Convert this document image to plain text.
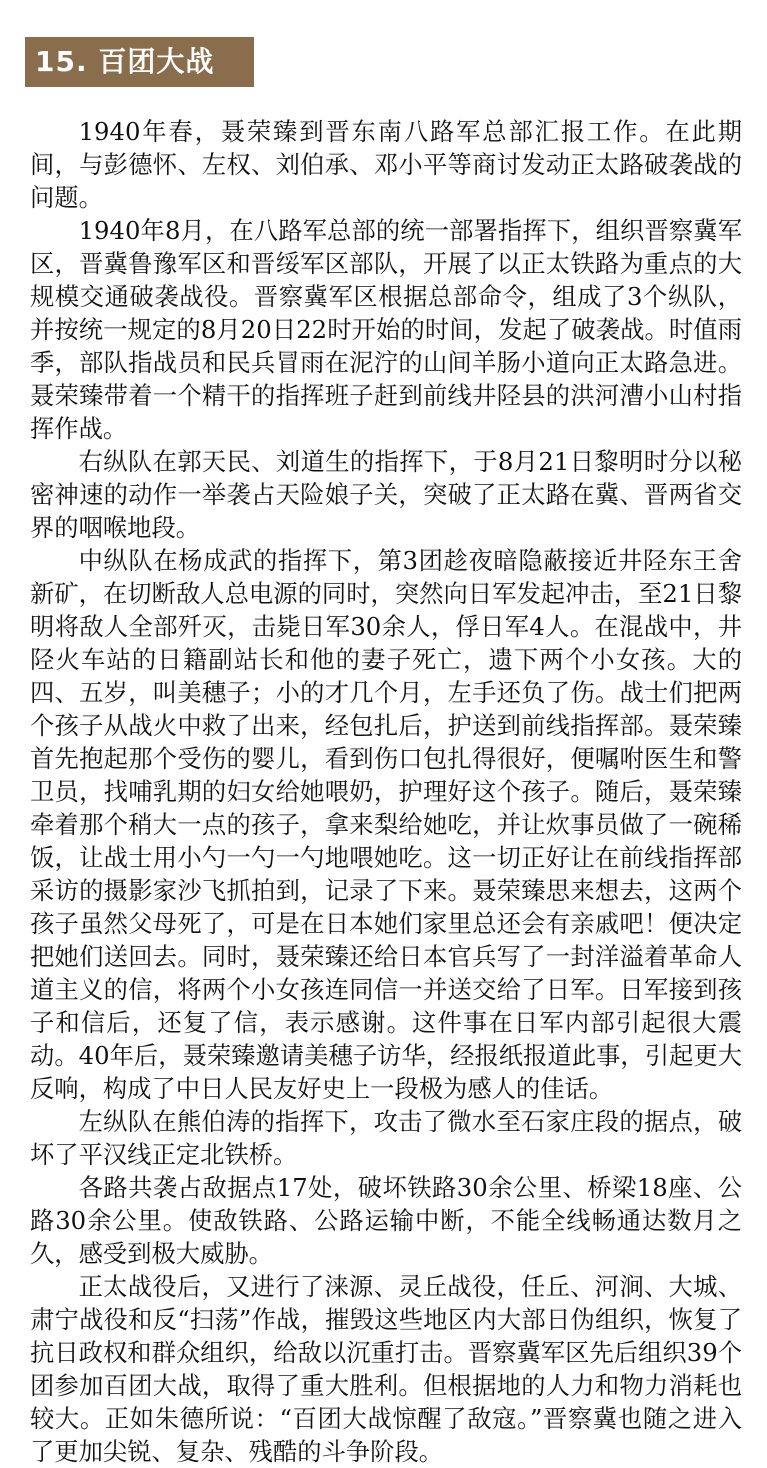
15. 百团大战

1940年春，聂荣臻到晋东南八路军总部汇报工作。在此期间，与彭德怀、左权、刘伯承、邓小平等商讨发动正太路破袭战的问题。

1940年8月，在八路军总部的统一部署指挥下，组织晋察冀军区，晋冀鲁豫军区和晋绥军区部队，开展了以正太铁路为重点的大规模交通破袭战役。晋察冀军区根据总部命令，组成了3个纵队，并按统一规定的8月20日22时开始的时间，发起了破袭战。时值雨季，部队指战员和民兵冒雨在泥泞的山间羊肠小道向正太路急进。聂荣臻带着一个精干的指挥班子赶到前线井陉县的洪河漕小山村指挥作战。

右纵队在郭天民、刘道生的指挥下，于8月21日黎明时分以秘密神速的动作一举袭占天险娘子关，突破了正太路在冀、晋两省交界的咽喉地段。

中纵队在杨成武的指挥下，第3团趁夜暗隐蔽接近井陉东王舍新矿，在切断敌人总电源的同时，突然向日军发起冲击，至21日黎明将敌人全部歼灭，击毙日军30余人，俘日军4人。在混战中，井陉火车站的日籍副站长和他的妻子死亡，遗下两个小女孩。大的四、五岁，叫美穗子；小的才几个月，左手还负了伤。战士们把两个孩子从战火中救了出来，经包扎后，护送到前线指挥部。聂荣臻首先抱起那个受伤的婴儿，看到伤口包扎得很好，便嘱咐医生和警卫员，找哺乳期的妇女给她喂奶，护理好这个孩子。随后，聂荣臻牵着那个稍大一点的孩子，拿来梨给她吃，并让炊事员做了一碗稀饭，让战士用小勺一勺一勺地喂她吃。这一切正好让在前线指挥部采访的摄影家沙飞抓拍到，记录了下来。聂荣臻思来想去，这两个孩子虽然父母死了，可是在日本她们家里总还会有亲戚吧！便决定把她们送回去。同时，聂荣臻还给日本官兵写了一封洋溢着革命人道主义的信，将两个小女孩连同信一并送交给了日军。日军接到孩子和信后，还复了信，表示感谢。这件事在日军内部引起很大震动。40年后，聂荣臻邀请美穗子访华，经报纸报道此事，引起更大反响，构成了中日人民友好史上一段极为感人的佳话。

左纵队在熊伯涛的指挥下，攻击了微水至石家庄段的据点，破坏了平汉线正定北铁桥。

各路共袭占敌据点17处，破坏铁路30余公里、桥梁18座、公路30余公里。使敌铁路、公路运输中断，不能全线畅通达数月之久，感受到极大威胁。

正太战役后，又进行了涞源、灵丘战役，任丘、河涧、大城、肃宁战役和反“扫荡”作战，摧毁这些地区内大部日伪组织，恢复了抗日政权和群众组织，给敌以沉重打击。晋察冀军区先后组织39个团参加百团大战，取得了重大胜利。但根据地的人力和物力消耗也较大。正如朱德所说：“百团大战惊醒了敌寇。”晋察冀也随之进入了更加尖锐、复杂、残酷的斗争阶段。
